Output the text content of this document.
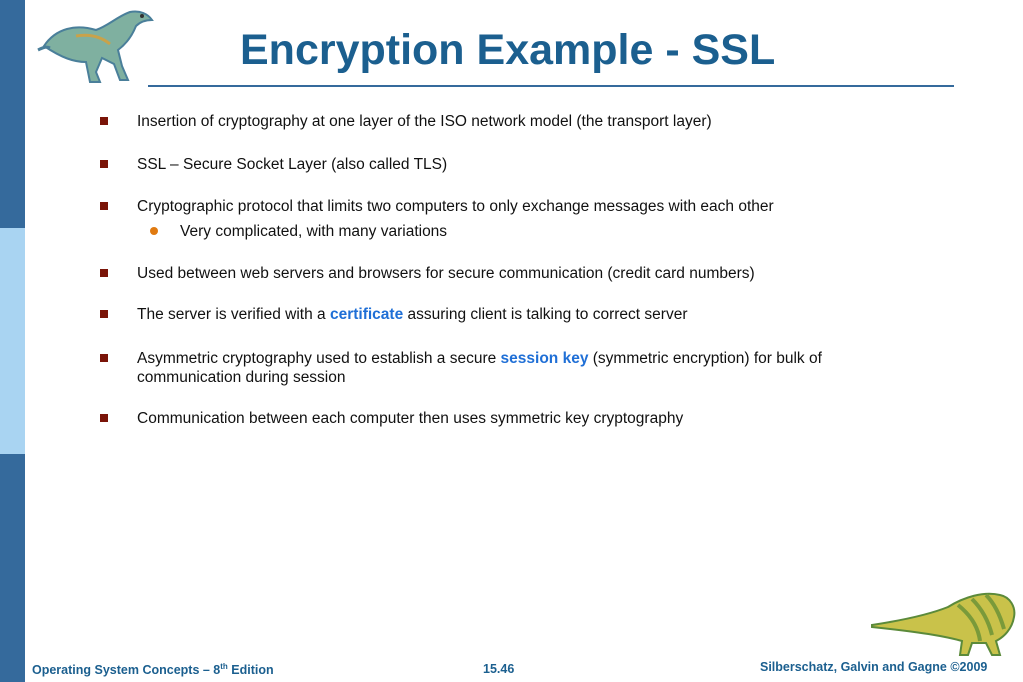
Encryption Example - SSL
Insertion of cryptography at one layer of the ISO network model (the transport layer)
SSL – Secure Socket Layer (also called TLS)
Cryptographic protocol that limits two computers to only exchange messages with each other
Very complicated, with many variations
Used between web servers and browsers for secure communication (credit card numbers)
The server is verified with a certificate assuring client is talking to correct server
Asymmetric cryptography used to establish a secure session key (symmetric encryption) for bulk of communication during session
Communication between each computer then uses symmetric key cryptography
Operating System Concepts – 8th Edition	15.46	Silberschatz, Galvin and Gagne ©2009
